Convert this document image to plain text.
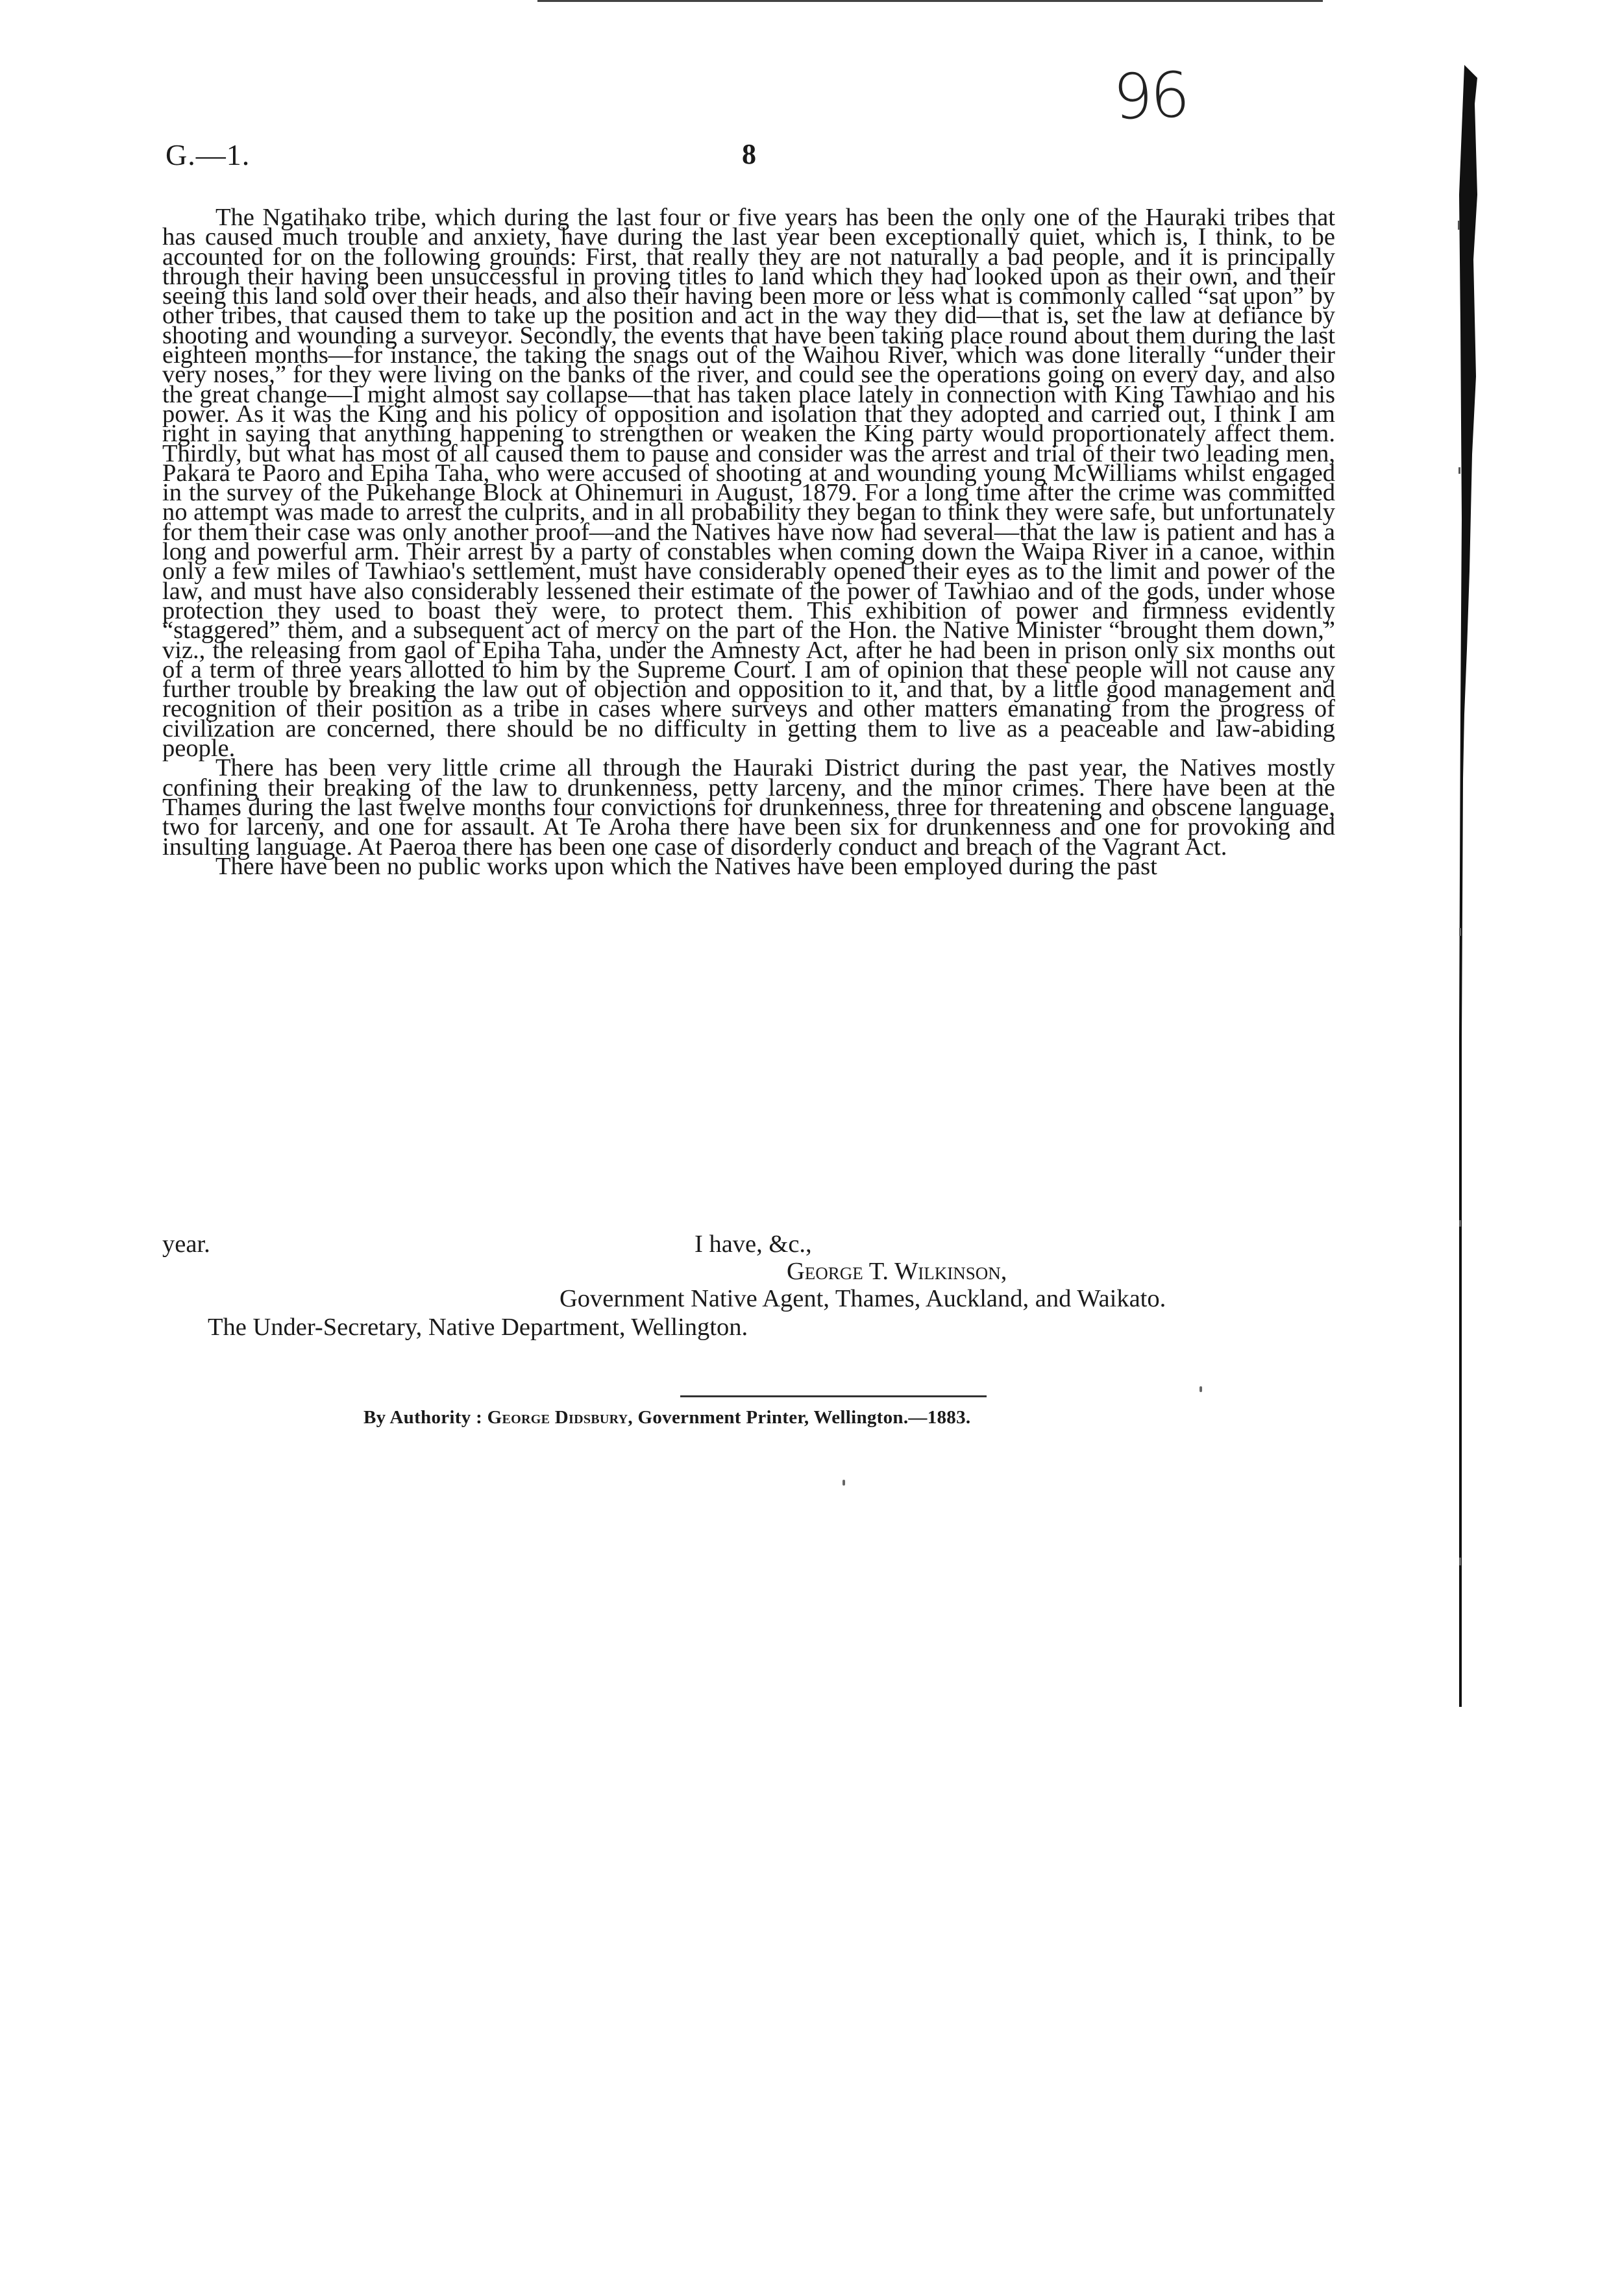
96
G.—1.	8

The Ngatihako tribe, which during the last four or five years has been the only one of the Hauraki tribes that has caused much trouble and anxiety, have during the last year been exceptionally quiet, which is, I think, to be accounted for on the following grounds: First, that really they are not naturally a bad people, and it is principally through their having been unsuccessful in proving titles to land which they had looked upon as their own, and their seeing this land sold over their heads, and also their having been more or less what is commonly called “sat upon” by other tribes, that caused them to take up the position and act in the way they did—that is, set the law at defiance by shooting and wounding a surveyor. Secondly, the events that have been taking place round about them during the last eighteen months—for instance, the taking the snags out of the Waihou River, which was done literally “under their very noses,” for they were living on the banks of the river, and could see the operations going on every day, and also the great change—I might almost say collapse—that has taken place lately in connection with King Tawhiao and his power. As it was the King and his policy of opposition and isolation that they adopted and carried out, I think I am right in saying that anything happening to strengthen or weaken the King party would proportionately affect them. Thirdly, but what has most of all caused them to pause and consider was the arrest and trial of their two leading men, Pakara te Paoro and Epiha Taha, who were accused of shooting at and wounding young McWilliams whilst engaged in the survey of the Pukehange Block at Ohinemuri in August, 1879. For a long time after the crime was committed no attempt was made to arrest the culprits, and in all probability they began to think they were safe, but unfortunately for them their case was only another proof—and the Natives have now had several—that the law is patient and has a long and powerful arm. Their arrest by a party of constables when coming down the Waipa River in a canoe, within only a few miles of Tawhiao's settlement, must have considerably opened their eyes as to the limit and power of the law, and must have also considerably lessened their estimate of the power of Tawhiao and of the gods, under whose protection they used to boast they were, to protect them. This exhibition of power and firmness evidently “staggered” them, and a subsequent act of mercy on the part of the Hon. the Native Minister “brought them down,” viz., the releasing from gaol of Epiha Taha, under the Amnesty Act, after he had been in prison only six months out of a term of three years allotted to him by the Supreme Court. I am of opinion that these people will not cause any further trouble by breaking the law out of objection and opposition to it, and that, by a little good management and recognition of their position as a tribe in cases where surveys and other matters emanating from the progress of civilization are concerned, there should be no difficulty in getting them to live as a peaceable and law-abiding people.

There has been very little crime all through the Hauraki District during the past year, the Natives mostly confining their breaking of the law to drunkenness, petty larceny, and the minor crimes. There have been at the Thames during the last twelve months four convictions for drunkenness, three for threatening and obscene language, two for larceny, and one for assault. At Te Aroha there have been six for drunkenness and one for provoking and insulting language. At Paeroa there has been one case of disorderly conduct and breach of the Vagrant Act.

There have been no public works upon which the Natives have been employed during the past

year.	I have, &c.,
George T. Wilkinson,
Government Native Agent, Thames, Auckland, and Waikato.
The Under-Secretary, Native Department, Wellington.
By Authority : George Didsbury, Government Printer, Wellington.—1883.
